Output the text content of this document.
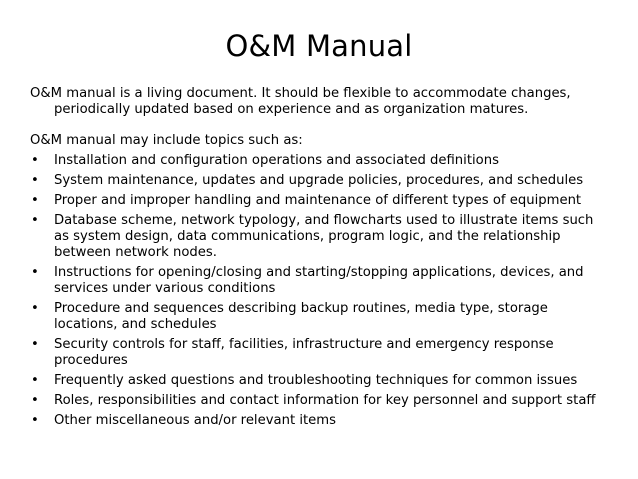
O&M Manual

O&M manual is a living document. It should be flexible to accommodate changes, periodically updated based on experience and as organization matures.

O&M manual may include topics such as:

• Installation and configuration operations and associated definitions
• System maintenance, updates and upgrade policies, procedures, and schedules
• Proper and improper handling and maintenance of different types of equipment
• Database scheme, network typology, and flowcharts used to illustrate items such as system design, data communications, program logic, and the relationship between network nodes.
• Instructions for opening/closing and starting/stopping applications, devices, and services under various conditions
• Procedure and sequences describing backup routines, media type, storage locations, and schedules
• Security controls for staff, facilities, infrastructure and emergency response procedures
• Frequently asked questions and troubleshooting techniques for common issues
• Roles, responsibilities and contact information for key personnel and support staff
• Other miscellaneous and/or relevant items
